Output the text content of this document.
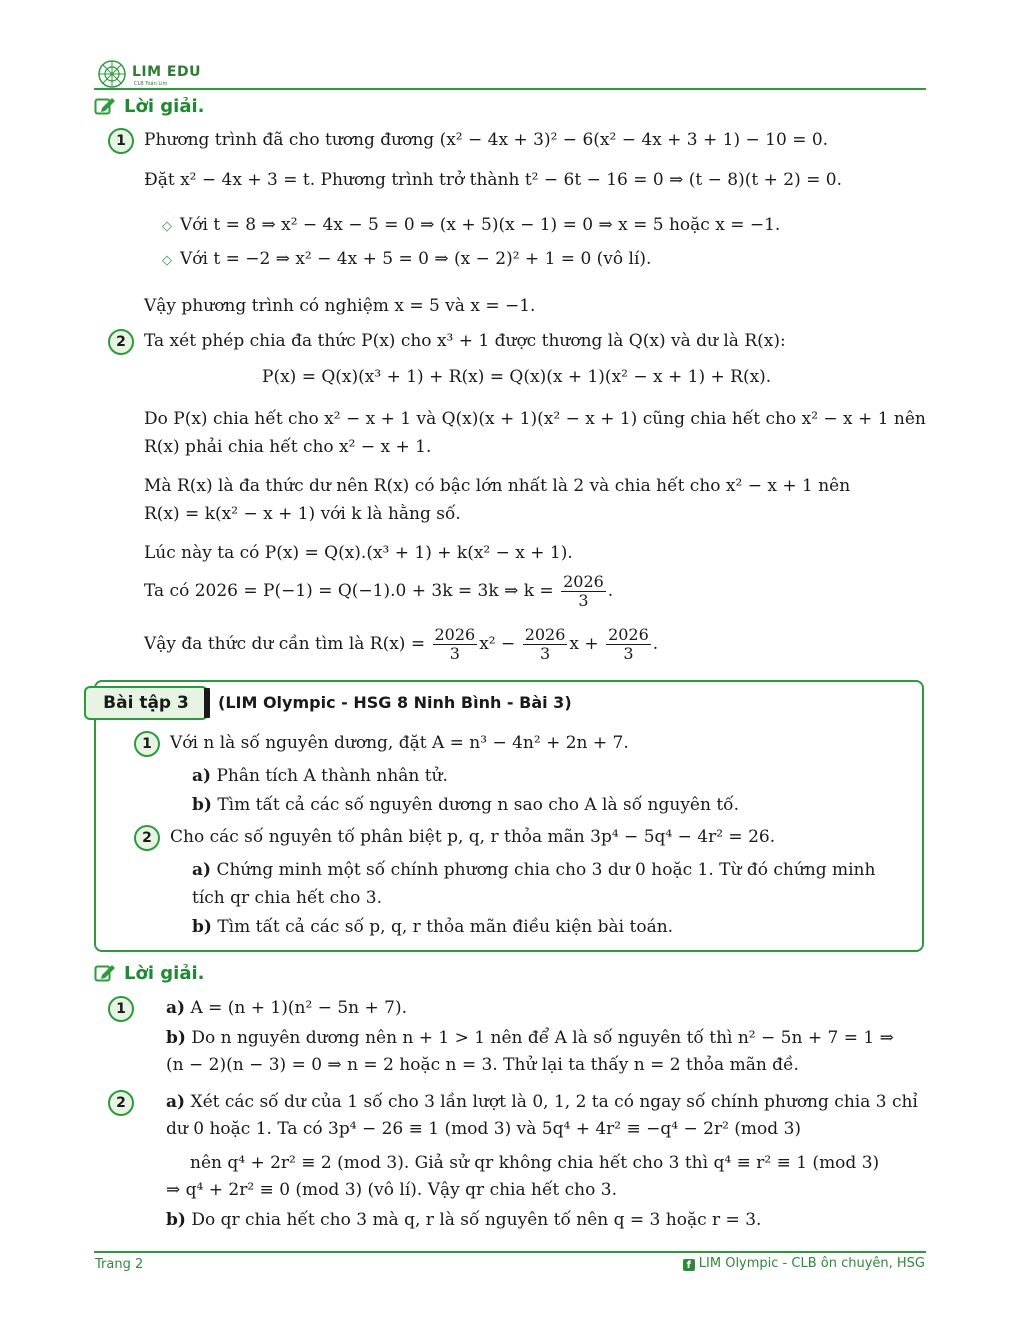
LIM EDU
CLB Toán Lim
Lời giải.
1	Phương trình đã cho tương đương (x² − 4x + 3)² − 6(x² − 4x + 3 + 1) − 10 = 0.
Đặt x² − 4x + 3 = t. Phương trình trở thành t² − 6t − 16 = 0 ⇒ (t − 8)(t + 2) = 0.
◇ Với t = 8 ⇒ x² − 4x − 5 = 0 ⇒ (x + 5)(x − 1) = 0 ⇒ x = 5 hoặc x = −1.
◇ Với t = −2 ⇒ x² − 4x + 5 = 0 ⇒ (x − 2)² + 1 = 0 (vô lí).
Vậy phương trình có nghiệm x = 5 và x = −1.
2	Ta xét phép chia đa thức P(x) cho x³ + 1 được thương là Q(x) và dư là R(x):
P(x) = Q(x)(x³ + 1) + R(x) = Q(x)(x + 1)(x² − x + 1) + R(x).
Do P(x) chia hết cho x² − x + 1 và Q(x)(x + 1)(x² − x + 1) cũng chia hết cho x² − x + 1 nên
R(x) phải chia hết cho x² − x + 1.
Mà R(x) là đa thức dư nên R(x) có bậc lớn nhất là 2 và chia hết cho x² − x + 1 nên
R(x) = k(x² − x + 1) với k là hằng số.
Lúc này ta có P(x) = Q(x).(x³ + 1) + k(x² − x + 1).
Ta có 2026 = P(−1) = Q(−1).0 + 3k = 3k ⇒ $k = \frac{2026}{3}$ .
Vậy đa thức dư cần tìm là $R(x) = \frac{2026}{3} x^2 - \frac{2026}{3}$ $x + \frac{2026}{3}$ .
Bài tập 3	(LIM Olympic - HSG 8 Ninh Bình - Bài 3)
1	Với n là số nguyên dương, đặt A = n³ − 4n² + 2n + 7.
a) Phân tích A thành nhân tử.
b) Tìm tất cả các số nguyên dương n sao cho A là số nguyên tố.
2	Cho các số nguyên tố phân biệt p, q, r thỏa mãn 3p⁴ − 5q⁴ − 4r² = 26.
a) Chứng minh một số chính phương chia cho 3 dư 0 hoặc 1. Từ đó chứng minh
tích qr chia hết cho 3.
b) Tìm tất cả các số p, q, r thỏa mãn điều kiện bài toán.
Lời giải.
1	a) A = (n + 1)(n² − 5n + 7).
b) Do n nguyên dương nên n + 1 > 1 nên để A là số nguyên tố thì n² − 5n + 7 = 1 ⇒
(n − 2)(n − 3) = 0 ⇒ n = 2 hoặc n = 3. Thử lại ta thấy n = 2 thỏa mãn đề.
2	a) Xét các số dư của 1 số cho 3 lần lượt là 0, 1, 2 ta có ngay số chính phương chia 3 chỉ
dư 0 hoặc 1. Ta có 3p⁴ − 26 ≡ 1 (mod 3) và 5q⁴ + 4r² ≡ −q⁴ − 2r² (mod 3)
nên q⁴ + 2r² ≡ 2 (mod 3). Giả sử qr không chia hết cho 3 thì q⁴ ≡ r² ≡ 1 (mod 3)
⇒ q⁴ + 2r² ≡ 0 (mod 3) (vô lí). Vậy qr chia hết cho 3.
b) Do qr chia hết cho 3 mà q, r là số nguyên tố nên q = 3 hoặc r = 3.
Trang 2	f LIM Olympic - CLB ôn chuyên, HSG
